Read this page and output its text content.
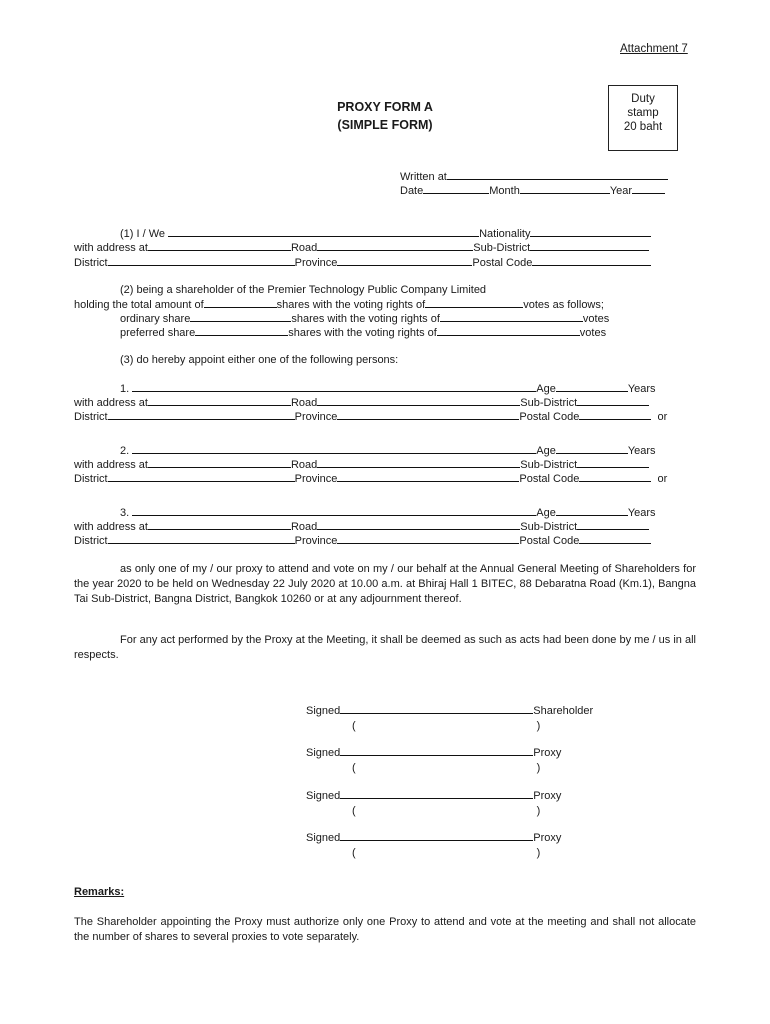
Attachment 7
PROXY FORM A
(SIMPLE FORM)
Duty
stamp
20 baht
Written at
Date	Month	Year
(1) I / We	Nationality
with address at	Road	Sub-District
District	Province	Postal Code
(2) being a shareholder of the Premier Technology Public Company Limited
holding the total amount of	shares with the voting rights of	votes as follows;
ordinary share	shares with the voting rights of	votes
preferred share	shares with the voting rights of	votes
(3) do hereby appoint either one of the following persons:
1.	Age	Years
with address at	Road	Sub-District
District	Province	Postal Code	or
2.	Age	Years
with address at	Road	Sub-District
District	Province	Postal Code	or
3.	Age	Years
with address at	Road	Sub-District
District	Province	Postal Code
as only one of my / our proxy to attend and vote on my / our behalf at the Annual General Meeting of Shareholders for the year 2020 to be held on Wednesday 22 July 2020 at 10.00 a.m. at Bhiraj Hall 1 BITEC, 88 Debaratna Road (Km.1), Bangna Tai Sub-District, Bangna District, Bangkok 10260 or at any adjournment thereof.
For any act performed by the Proxy at the Meeting, it shall be deemed as such as acts had been done by me / us in all respects.
Signed	Shareholder
(	)
Signed	Proxy
(	)
Signed	Proxy
(	)
Signed	Proxy
(	)
Remarks:
The Shareholder appointing the Proxy must authorize only one Proxy to attend and vote at the meeting and shall not allocate the number of shares to several proxies to vote separately.
